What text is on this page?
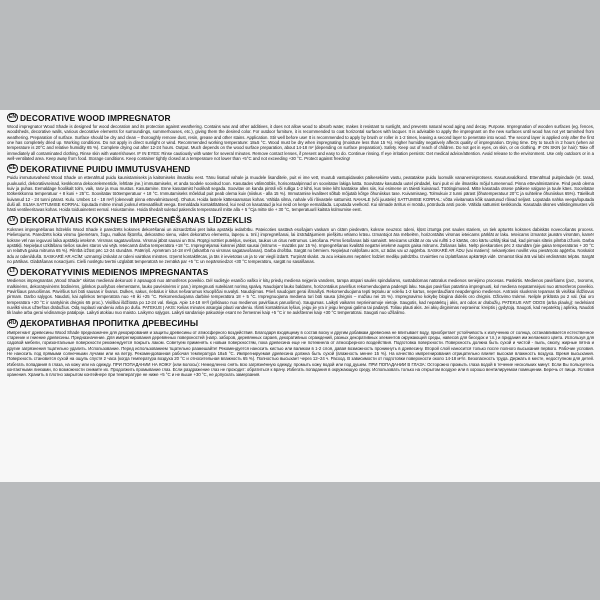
EN DECORATIVE WOOD IMPREGNATOR
Wood impregnator Wood Shade is designed for wood decoration and its protection against weathering. Contains wax and other additives, it does not allow wood to absorb water, makes it resistant to sunlight, and prevents natural wood aging and decay. Purpose. Impregnation of wooden surfaces (eg. fences, woodsheds, decorative walls, various decorative elements for surroundings, summerhouses, etc.), giving them the desired color. For outdoor furniture, it is recommended to coat horizontal surfaces with lacquer. It is advisable to apply the impregnant on the new surfaces until wood has not yet tarnished from weathering. Preparation of surface. Surface should be dry and clean – thoroughly remove dust, resin, grease and other stains. Application. Stir well before use! It is recommended to apply by brush or roller in 1-2 times, leaving a second layer to penetrate into wood. The second layer is applied only after the first one has completely dried up. Working conditions. Do not apply in direct sunlight or wind. Recommended working temperature: 18±5 °C. Wood must be dry when impregnating (moisture less than 15 %). Higher humidity negatively affects quality of impregnation. Drying time. Dry to touch in 2 hours (when air temperature is 20°C and relative humidity 65 %). Complete drying out after 12-24 hours. Output. Much depends on the wood surface preparation, about 14-18 m² (depending on surface preparation). Safety. Keep out of reach of children. Do not get in eyes, on skin, or on clothing. IF ON SKIN (or hair): Take off immediately all contaminated clothing. Rinse skin with water/shower. IF IN EYES: Rinse cautiously with water for several minutes. Remove contact lenses, if present and easy to do. Continue rinsing. If eye irritation persists: Get medical advice/attention. Avoid release to the environment. Use only outdoors or in a well-ventilated area. Keep away from food. Storage conditions. Keep container tightly closed at a temperature not lower than +5°C and not exceeding +30 °C. Protect against freezing!
EE DEKORATIIVNE PUIDU IMMUTUSVAHEND
Puidu immutusvahend Wood Shade on ettenähtud puidu kaunistamiseks ja kaitsmiseks ilmastiku eest. Tänu lisatud vahale ja muudele lisanditele, puit ei ime vett, muutub vastupidavaks päikesekiirte vastu, peatatakse puidu loomulik vananemisprotsess. Kasutusvaldkond. Ettenähtud puitpindade (nt. tarad, puukuurid, dekoratiivseinad, keskkonna dekoorelementide, lehtlate jne.) immutamiseks, et anda toodele soovitud toon. Kasutades välimööblis, horisontaalpinnad on soovitatav lakiga katta. Soovitatav kasutada uutel pindadel, kuni puit ei ole ilmastiku mõjul tumenenud. Pinna ettevalmistamine. Pind peab olema kuiv ja puhas. Eemaldage hoolikalt tolm, vaik, rasv ja muu mustus. Kasutamine. Enne kasutamist hoolikalt segada. Soovitav on kanda pintsli või rulliga 1-2 kihti, kus teine kiht kantakse alles siis, kui esimene on täiesti kuivanud. Töötingimused. Mitte kasutada otsese päikese valguse ja tuule käes. Soovitatav töökeskkonna temperatuur + 8 kuni + 25°C. Soovitatav töötemperatuur + 18 °C. Immutamiseks mõeldud puit peab olema kuiv (niiskus - alla 15 %). Immutamise kvaliteet sõltub mõjutab kõrge õhuniiskus tase. Kuivamisaeg. Tolmukuiv 2 tunni pärast (õhutemperatuur 20°C ja suhteline õhuniiskus 65%). Täielikult kuivanud 12 - 24 tunni pärast. Kulu. Umbes 14 - 18 m²/l (olenevalt pinna ettevalmistusest). Ohutus. Hoida lastele kättesaamatus kohas. Vältida silma, nahale või rõivastele sattumist. NAHALE (või juustele) SATTUMISE KORRAL: võtta viivitamata kõik saastunud rõivad seljast. Loputada nahka veega/loputada duši all. SILMA SATTUMISE KORRAL: loputada mitme minuti jooksul ettevaatlikult veega. Eemaldada kontaktläätsed, kui neid on kasutatud ja kui neid on kerge eemaldada. Loputada veelkord. Kui silmade ärritus ei möödu, pöörduda arsti poole. Vältida sattumist keskkonda. Kasutada üksnes välistingimustes või hästi ventileeritavas kohas. Hoida toiduainetest eemal. Hoiustamine. Hoida tihedalt suletud pakendis temperatuuril mitte alla + 5 °Cja mitte üle + 30 °C, temperatuuril kaitsta külmumise eest.
LV DEKORATĪVAIS KOKSNES IMPREGNĒŠANAS LĪDZEKLIS
Koksnes impregnēšanas līdzeklis Wood Shade ir paredzēts koksnes dekorēšanai un aizsardzībai pret laika apstākļu iedarbību. Pateicoties sastāvā esošajam vaskam un citām piedevām, koksne neuzsūc ūdeni, kļūst izturīga pret saules stariem, un tiek apturēts koksnes dabiskās novecošanās process. Pielietojums. Paredzēts koka virsmu (piemēram, žogu, malkas šķūnīšu, dekoratīvo sienu, vides dekoratīvo elementu, lapeņu u. tml.) impregnēšanai, lai izstrādājumiem piešķirtu vēlamo krāsu. Izmantojot āra mēbelēm, horizontālās virsmas ieteicams pārklāt ar laku. Ieteicams izmantot jaunām virsmām, kamēr koksne vēl nav ieguvusi laika apstākļu ietekmē. Virsmas sagatavošana. Virsmai jābūt sausai un tīrai. Rūpīgi notīriet putekļus, sveķus, taukus un citus netīrumus. Lietošana. Pirms lietošanas labi samaisīt. Ieteicams uzklāt ar otu vai rullīti 1-2 kārtās, otro kārtu uzklāj tikai tad, kad pirmais slānis pilnībā izžuvis. Darba apstākļi. Nepieļaut uzklāšanu tiešos saules staros vai vējā. Ieteicamā darba temperatūra +18 °C. Impregnējamai koksnei jābūt sausai (mitrums – mazāks par 15 %). Impregnēšanas kvalitāti negatīvi ietekmē augsts gaisa mitrums. Žūšanas laiks. Nelīp pieskaroties pēc 2 stundām (pie gaisa temperatūras + 20 °C un relatīvā gaisa mitruma 65 %). Pilnībā izžūst pēc 12-24 stundām. Patēriņš. Apmēram 14-18 m²/l (atkarībā no virsmas sagatavošanas). Darba drošība. Sargāt no bērniem. Nepieļaut nokļūšanu acīs, uz ādas vai uz apģērba. SASKARĒ AR ĀDU (vai matiem): nekavējoties novilkt visu piesārņoto apģērbu. Noskalot ādu ar ūdeni/dušā. SASKARĒ AR ACĪM: uzmanīgi izskalot ar ūdeni vairākas minūtes. Izņemt kontaktlēcas, ja tās ir ievietotas un ja to var viegli izdarīt. Turpināt skalot. Ja acu iekaisums nepāriet: lūdziet mediķu palīdzību. Izvairīties no izplatīšanas apkārtējā vidē. Izmantot tikai ārā vai labi vēdināmās telpās. Sargāt no pārtikas. Glabāšanas nosacījumi. Cieši noslēgtu tvertni uzglabāt temperatūrā ne zemākā par +5 °C un nepārsniedzot +30 °C temperatūru, sargāt no sasalšanas.
LT DEKORATYVINIS MEDIENOS IMPREGNANTAS
Medienos impregnantas „Wood Shade“ skirtas medienai dekoruoti ir apsaugoti nuo atmosferos poveikio. Dėl sudėtyje esančio vaško ir kitų priedų mediena neįgeria vandens, tampa atspari saulės spinduliams, sustabdomas natūralus medienos senėjimo procesas. Paskirtis. Medienos paviršiams (pvz., tvoroms, malkinėms, dekoratyvinėms būdinėms, įplinkos puošybos elementams, lauko pavėsinėms ir pan.) impregnuoti suteikiant norimą spalvą. Naudojant lauko baldams, horizontalius paviršius rekomenduojama padengti laku. Naujus paviršius patartina impregnuoti, kol mediena nepatamsėjusi nuo atmosferos poveikio. Paviršiaus paruošimas. Paviršius turi būti sausas ir švarus. Dulkes, sakus, riebalus ir kitus nešvarumus kruopščiai nuvalyti. Naudojimas. Prieš naudojant gerai išmaišyti. Rekomenduojama tepti teptuku ar voleliu 1-2 kartus, neperdaužiant neapdenginio medienos. Antrasis sluoksnis tepamas tik visiškai išdžiūvus pirmam. Darbo sąlygos. Naudoti, kai aplinkos temperatūra nuo +8 iki +25 °C. Rekomenduojama darbinė temperatūra 18 + 5 °C. Impregnuojama mediena turi būti sausa (drėgnis – mažiau nei 15 %). Impregnavimo kokybę blogina didelis oro drėgnis. Džiūvimo trukmė. Neliple priklūsta po 2 val. (kai oro temperatūra +20 °C ir santykinis drėgnis 65 proc.). Visiškai išdžiūsta po 12-24 val. Išeiga. Apie 14-18 m²/l (priklauso nuo medienos paviršiaus paruošimo). Saugumas. Laikyti vaikams neprieinamoje vietoje. Saugotis, kad nepatektų į akis, ant odos ar drabužių. PATEKUS ANT ODOS (arba plaukų): nedelsiant nuvilkti visus užterštus drabužius. Odą nuplauti vandeniu arba po dušu. PATEKUS Į AKIS: Kelias minutes atsargiai plauti vandeniu. Išimti kontaktinius lęšius, jeigu jie yra ir jeigu lengvai galima tai padaryti. Toliau plauti akis. Jei akių dirginimas nepraeina: kreiptis į gydytoją. Saugoti, kad nepatektų į aplinką. Naudoti tik lauke arba gerai vėdinamoje patalpoje. Laikyti atokiau nuo maisto. Laikymo sąlygos. Laikyti sandarioje pakuotėje esant ne žemesnei kaip +5 °C ir ne aukštesnei kaip +30 °C temperatūrai. Saugoti nuo užšalimo.
RU ДЕКОРАТИВНАЯ ПРОПИТКА ДРЕВЕСИНЫ
Импрегнант древесины Wood Shade предназначен для декорирования и защиты древесины от атмосферного воздействия. Благодаря входящему в состав воску и другим добавкам древесина не впитывает воду, приобретает устойчивость к излучению от солнца, останавливается естественное старение и гниение древесины. Предназначение. Для импрегнирования деревянных поверхностей (напр. заборов, деревянных сараев, декоративных ограждений, разных декоративных элементов окружающей среды, навесов для беседок и т.п.) и придания им желаемого цвета. Используя для садовой мебели, горизонтальные поверхности рекомендуется покрыть лаком. Советуем применять к новым поверхностям, пока древесина еще не потемнела от атмосферного воздействия. Подготовка поверхности. Поверхность должна быть сухой и чистой - пыль, смолу, жирные пятна и другие загрязнения тщательно удалить. Использование. Перед использованием тщательно размешайте! Рекомендуется наносить кистью или валиком в 1-2 слоя, давая возможность проникнуть в древесину. Второй слой наносится только после полного высыхания первого. Рабочие условия. Не наносить под прямыми солнечными лучами или на ветру. Рекомендованная рабочая температура 18±5 °C. Импрегнируемая древесина должна быть сухой (влажность менее 15 %). На качество импрегнирования отрицательно влияет высокая влажность воздуха. Время высыхания. Поверхность становится сухой на ощупь спустя 2 часа (когда температура воздуха 20 °С и относительная влажность 65 %). Полностью высыхает через 12–24 ч. Расход. В зависимости от подготовки поверхности около 14-18 м²/л. Безопасность труда. Держать в месте, недоступном для детей. Избегать попадания в глаза, на кожу или на одежду. ПРИ ПОПАДАНИИ НА КОЖУ (или волосы): Немедленно снять всю загрязнённую одежду, промыть кожу водой или под душем. ПРИ ПОПАДАНИИ В ГЛАЗА: Осторожно промыть глаза водой в течение нескольких минут. Если Вы пользуетесь контактными линзами, по возможности снимите их. Продолжить промывание глаз. Если раздражение глаз не проходит: обратиться к врачу. Избегать попадания в окружающую среду. Использовать только на открытом воздухе или в хорошо вентилируемом помещении. Беречь от пищи. Условия хранения. Хранить в плотно закрытом контейнере при температуре не ниже +5 °С и не выше +30 °C, не допускать замерзания.
